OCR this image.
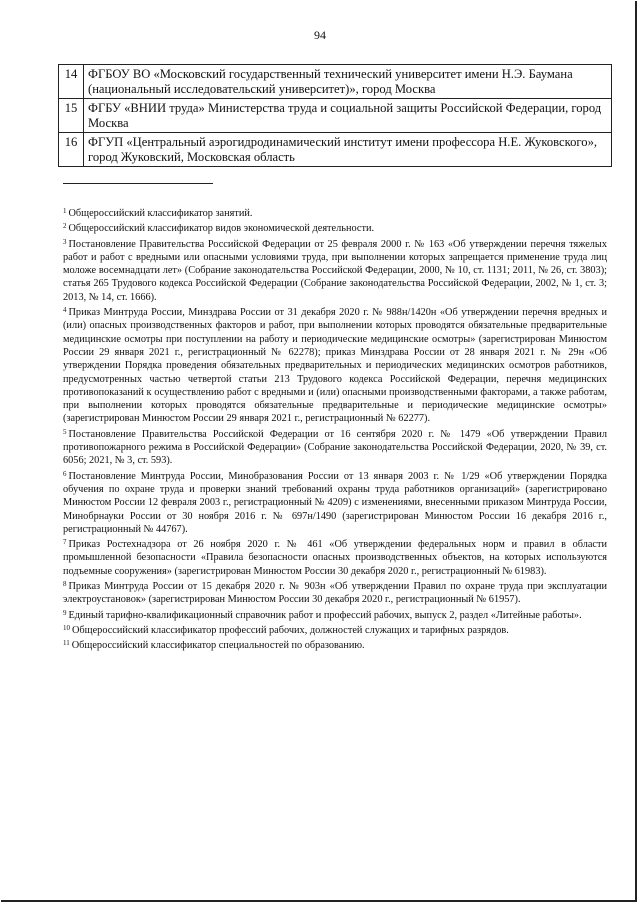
94
14	ФГБОУ ВО «Московский государственный технический университет имени Н.Э. Баумана (национальный исследовательский университет)», город Москва
15	ФГБУ «ВНИИ труда» Министерства труда и социальной защиты Российской Федерации, город Москва
16	ФГУП «Центральный аэрогидродинамический институт имени профессора Н.Е. Жуковского», город Жуковский, Московская область

$^1$ Общероссийский классификатор занятий.

$^2$ Общероссийский классификатор видов экономической деятельности.

$^3$ Постановление Правительства Российской Федерации от 25 февраля 2000 г. № 163 «Об утверждении перечня тяжелых работ и работ с вредными или опасными условиями труда, при выполнении которых запрещается применение труда лиц моложе восемнадцати лет» (Собрание законодательства Российской Федерации, 2000, № 10, ст. 1131; 2011, № 26, ст. 3803); статья 265 Трудового кодекса Российской Федерации (Собрание законодательства Российской Федерации, 2002, № 1, ст. 3; 2013, № 14, ст. 1666).

$^4$ Приказ Минтруда России, Минздрава России от 31 декабря 2020 г. № 988н/1420н «Об утверждении перечня вредных и (или) опасных производственных факторов и работ, при выполнении которых проводятся обязательные предварительные медицинские осмотры при поступлении на работу и периодические медицинские осмотры» (зарегистрирован Минюстом России 29 января 2021 г., регистрационный № 62278); приказ Минздрава России от 28 января 2021 г. № 29н «Об утверждении Порядка проведения обязательных предварительных и периодических медицинских осмотров работников, предусмотренных частью четвертой статьи 213 Трудового кодекса Российской Федерации, перечня медицинских противопоказаний к осуществлению работ с вредными и (или) опасными производственными факторами, а также работам, при выполнении которых проводятся обязательные предварительные и периодические медицинские осмотры» (зарегистрирован Минюстом России 29 января 2021 г., регистрационный № 62277).

$^5$ Постановление Правительства Российской Федерации от 16 сентября 2020 г. № 1479 «Об утверждении Правил противопожарного режима в Российской Федерации» (Собрание законодательства Российской Федерации, 2020, № 39, ст. 6056; 2021, № 3, ст. 593).

$^6$ Постановление Минтруда России, Минобразования России от 13 января 2003 г. № 1/29 «Об утверждении Порядка обучения по охране труда и проверки знаний требований охраны труда работников организаций» (зарегистрировано Минюстом России 12 февраля 2003 г., регистрационный № 4209) с изменениями, внесенными приказом Минтруда России, Минобрнауки России от 30 ноября 2016 г. № 697н/1490 (зарегистрирован Минюстом России 16 декабря 2016 г., регистрационный № 44767).

$^7$ Приказ Ростехнадзора от 26 ноября 2020 г. № 461 «Об утверждении федеральных норм и правил в области промышленной безопасности «Правила безопасности опасных производственных объектов, на которых используются подъемные сооружения» (зарегистрирован Минюстом России 30 декабря 2020 г., регистрационный № 61983).

$^8$ Приказ Минтруда России от 15 декабря 2020 г. № 903н «Об утверждении Правил по охране труда при эксплуатации электроустановок» (зарегистрирован Минюстом России 30 декабря 2020 г., регистрационный № 61957).

$^9$ Единый тарифно-квалификационный справочник работ и профессий рабочих, выпуск 2, раздел «Литейные работы».

$^{10}$ Общероссийский классификатор профессий рабочих, должностей служащих и тарифных разрядов.

$^{11}$ Общероссийский классификатор специальностей по образованию.
